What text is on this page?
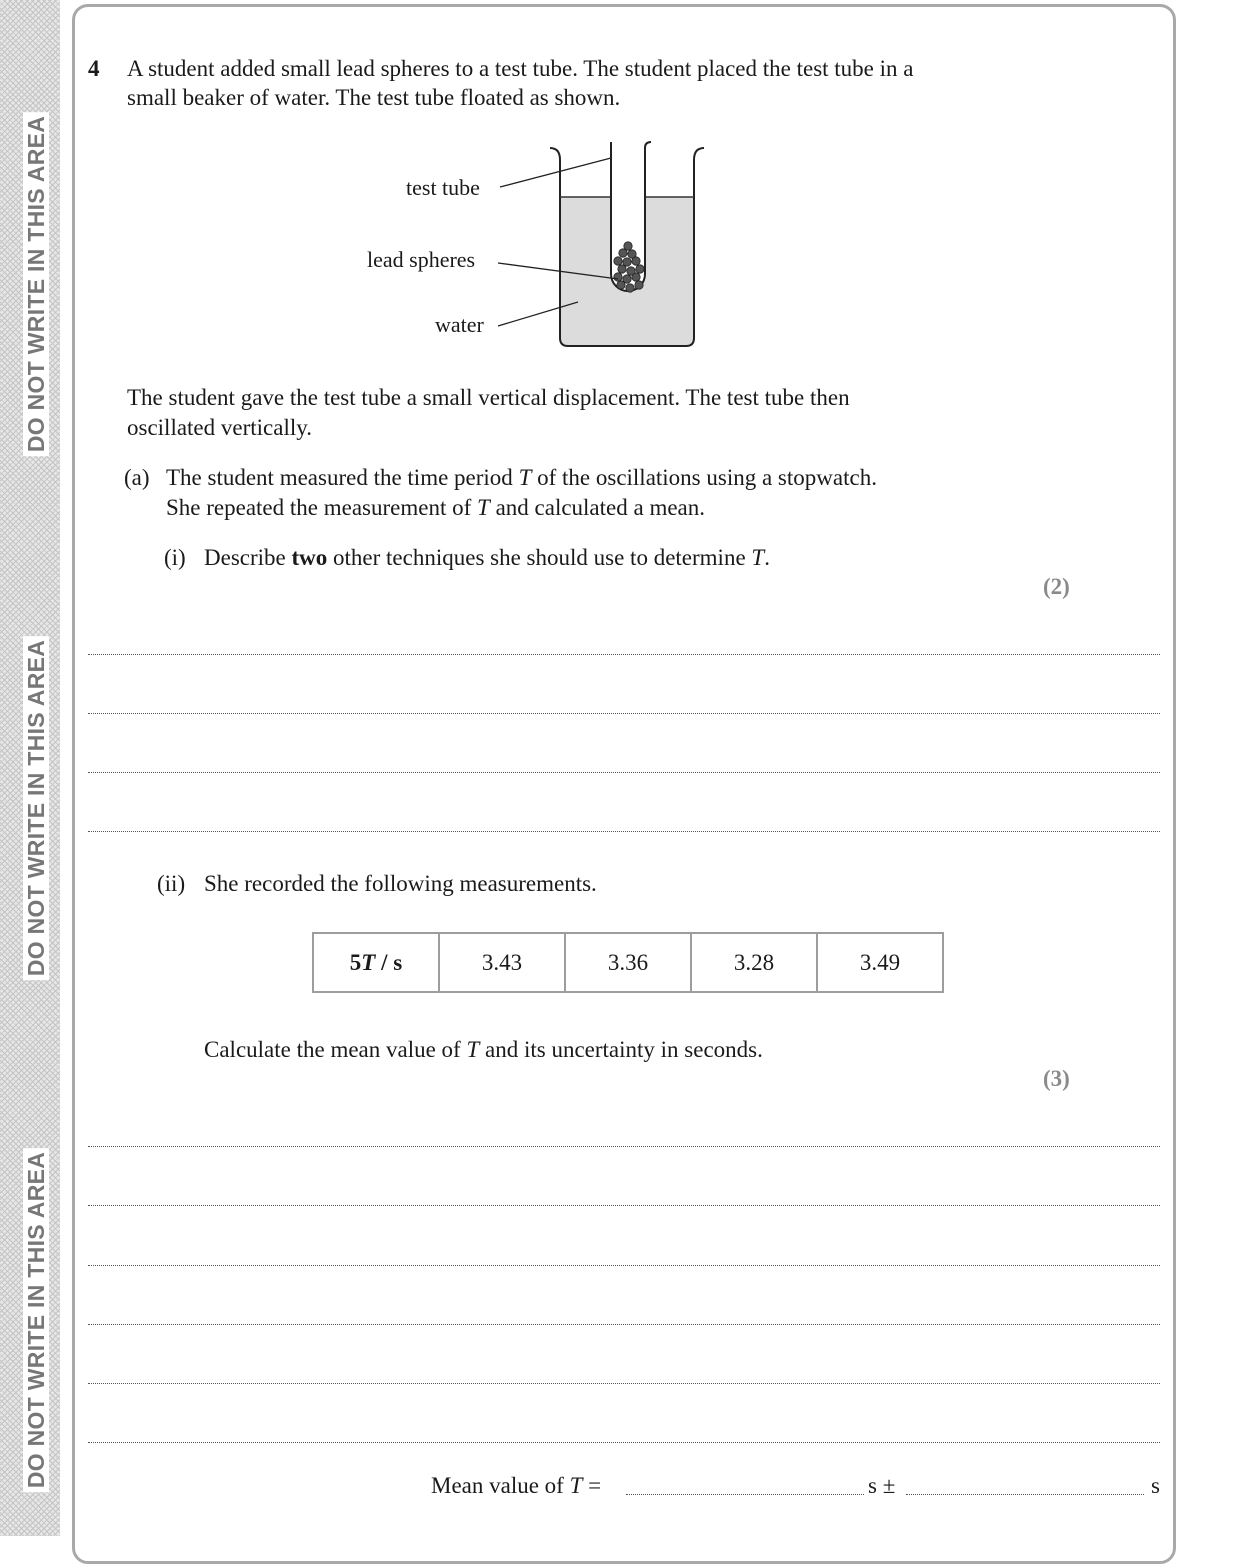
DO NOT WRITE IN THIS AREA
DO NOT WRITE IN THIS AREA
DO NOT WRITE IN THIS AREA
4 A student added small lead spheres to a test tube. The student placed the test tube in a
small beaker of water. The test tube floated as shown.
test tube
lead spheres
water
The student gave the test tube a small vertical displacement. The test tube then
oscillated vertically.
(a) The student measured the time period T of the oscillations using a stopwatch.
She repeated the measurement of T and calculated a mean.
(i) Describe two other techniques she should use to determine T.
(2)
(ii) She recorded the following measurements.
5T / s	3.43	3.36	3.28	3.49
Calculate the mean value of T and its uncertainty in seconds.
(3)
Mean value of T =	s ±	s
